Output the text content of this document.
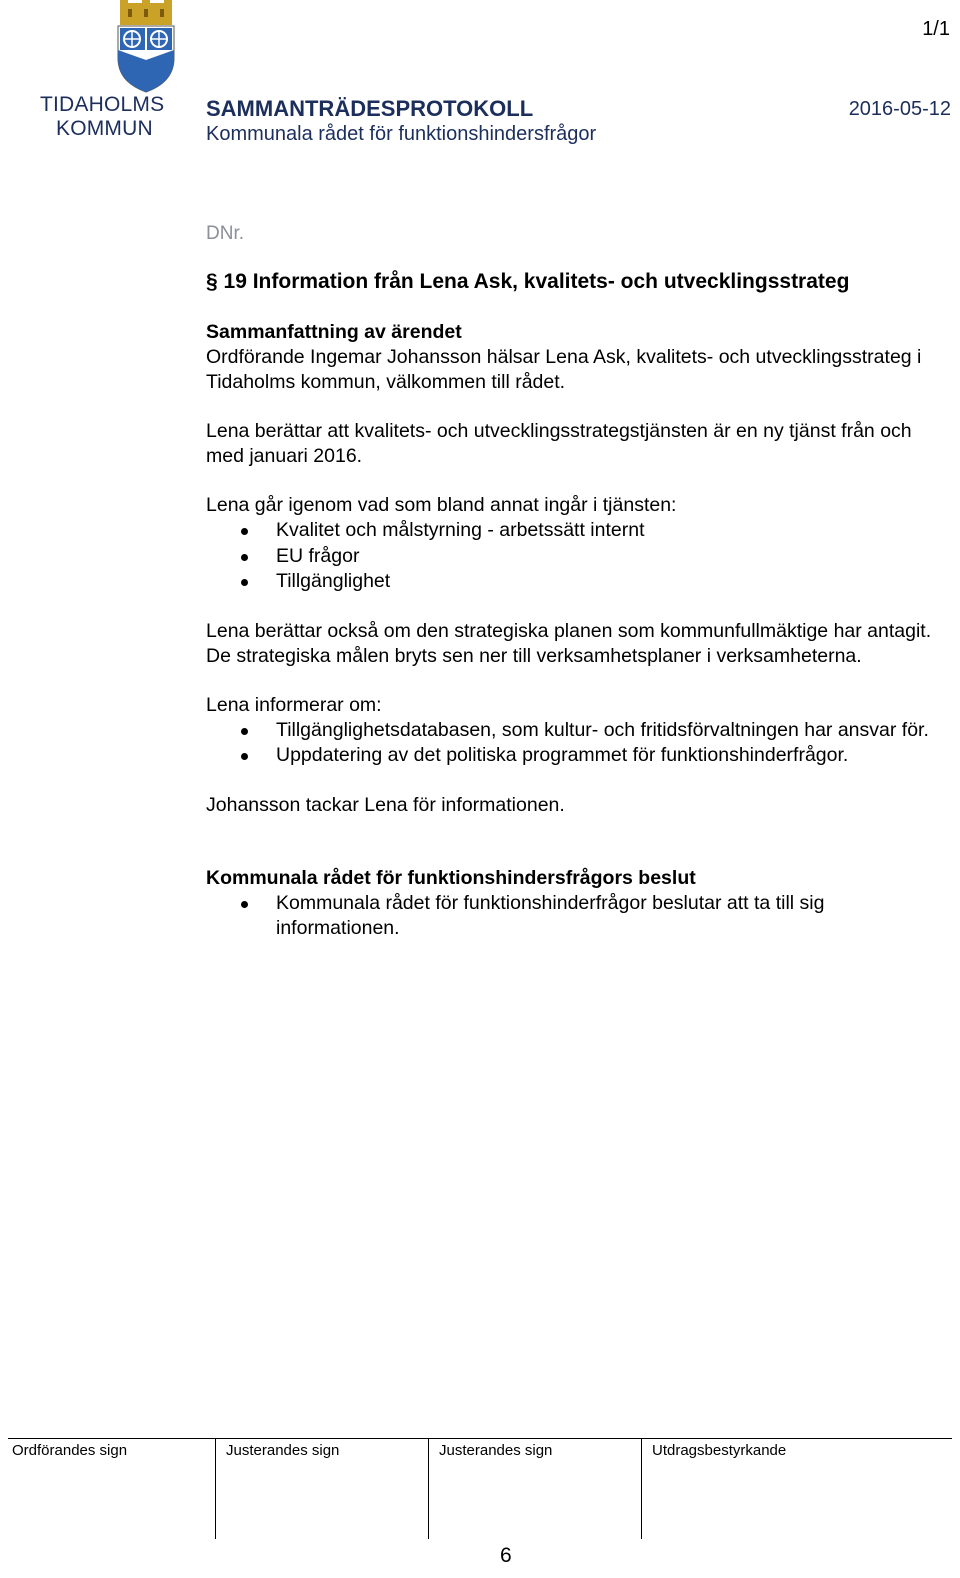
TIDAHOLMS
KOMMUN
1/1
SAMMANTRÄDESPROTOKOLL	2016-05-12
Kommunala rådet för funktionshindersfrågor
DNr.
§ 19 Information från Lena Ask, kvalitets- och utvecklingsstrateg

Sammanfattning av ärendet

Ordförande Ingemar Johansson hälsar Lena Ask, kvalitets- och utvecklingsstrateg i Tidaholms kommun, välkommen till rådet.

Lena berättar att kvalitets- och utvecklingsstrategstjänsten är en ny tjänst från och med januari 2016.

Lena går igenom vad som bland annat ingår i tjänsten:

Kvalitet och målstyrning - arbetssätt internt
EU frågor
Tillgänglighet

Lena berättar också om den strategiska planen som kommunfullmäktige har antagit. De strategiska målen bryts sen ner till verksamhetsplaner i verksamheterna.

Lena informerar om:

Tillgänglighetsdatabasen, som kultur- och fritidsförvaltningen har ansvar för.
Uppdatering av det politiska programmet för funktionshinderfrågor.

Johansson tackar Lena för informationen.

Kommunala rådet för funktionshindersfrågors beslut

Kommunala rådet för funktionshinderfrågor beslutar att ta till sig informationen.
Ordförandes sign	Justerandes sign	Justerandes sign	Utdragsbestyrkande
6
